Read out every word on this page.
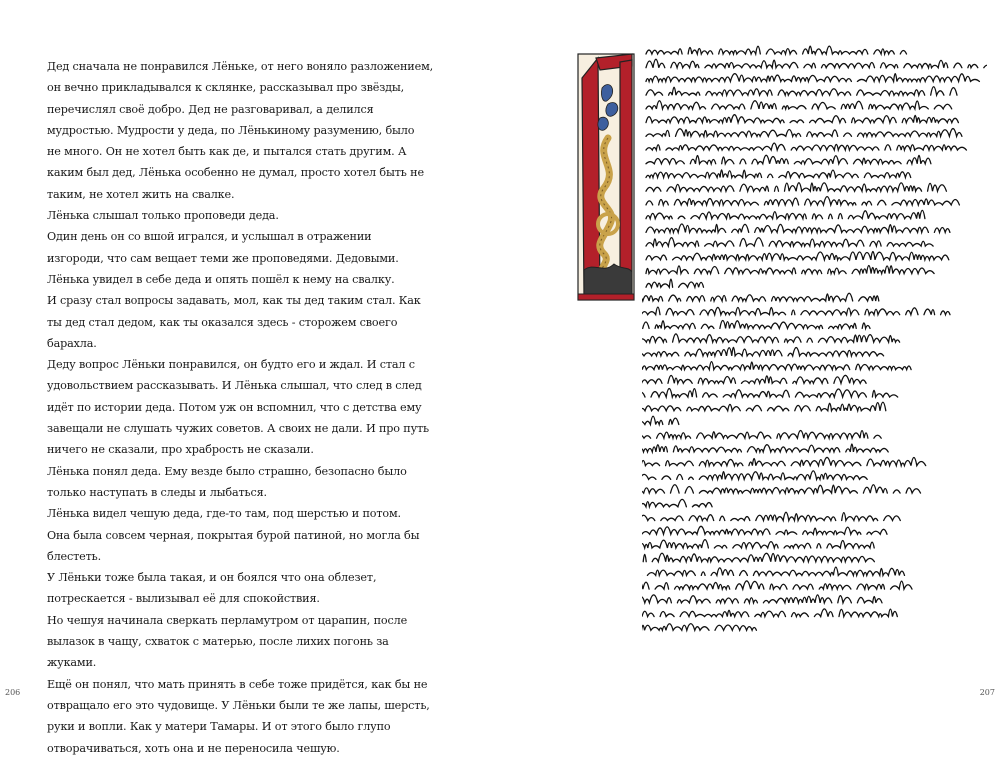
Дед сначала не понравился Лёньке, от него воняло разложением,
он вечно прикладывался к склянке, рассказывал про звёзды,
перечислял своё добро. Дед не разговаривал, а делился
мудростью. Мудрости у деда, по Лёнькиному разумению, было
не много. Он не хотел быть как де, и пытался стать другим. А
каким был дед, Лёнька особенно не думал, просто хотел быть не
таким, не хотел жить на свалке.
Лёнька слышал только проповеди деда.
Один день он со вшой игрался, и услышал в отражении
изгороди, что сам вещает теми же проповедями. Дедовыми.
Лёнька увидел в себе деда и опять пошёл к нему на свалку.
И сразу стал вопросы задавать, мол, как ты дед таким стал. Как
ты дед стал дедом, как ты оказался здесь - сторожем своего
барахла.
Деду вопрос Лёньки понравился, он будто его и ждал. И стал с
удовольствием рассказывать. И Лёнька слышал, что след в след
идёт по истории деда. Потом уж он вспомнил, что с детства ему
завещали не слушать чужих советов. А своих не дали. И про путь
ничего не сказали, про храбрость не сказали.
Лёнька понял деда. Ему везде было страшно, безопасно было
только наступать в следы и лыбаться.
Лёнька видел чешую деда, где-то там, под шерстью и потом.
Она была совсем черная, покрытая бурой патиной, но могла бы
блестеть.
У Лёньки тоже была такая, и он боялся что она облезет,
потрескается - вылизывал её для спокойствия.
Но чешуя начинала сверкать перламутром от царапин, после
вылазок в чащу, схваток с матерью, после лихих погонь за
жуками.
Ещё он понял, что мать принять в себе тоже придётся, как бы не
отвращало его это чудовище. У Лёньки были те же лапы, шерсть,
руки и вопли. Как у матери Тамары. И от этого было глупо
отворачиваться, хоть она и не переносила чешую.
206	207
